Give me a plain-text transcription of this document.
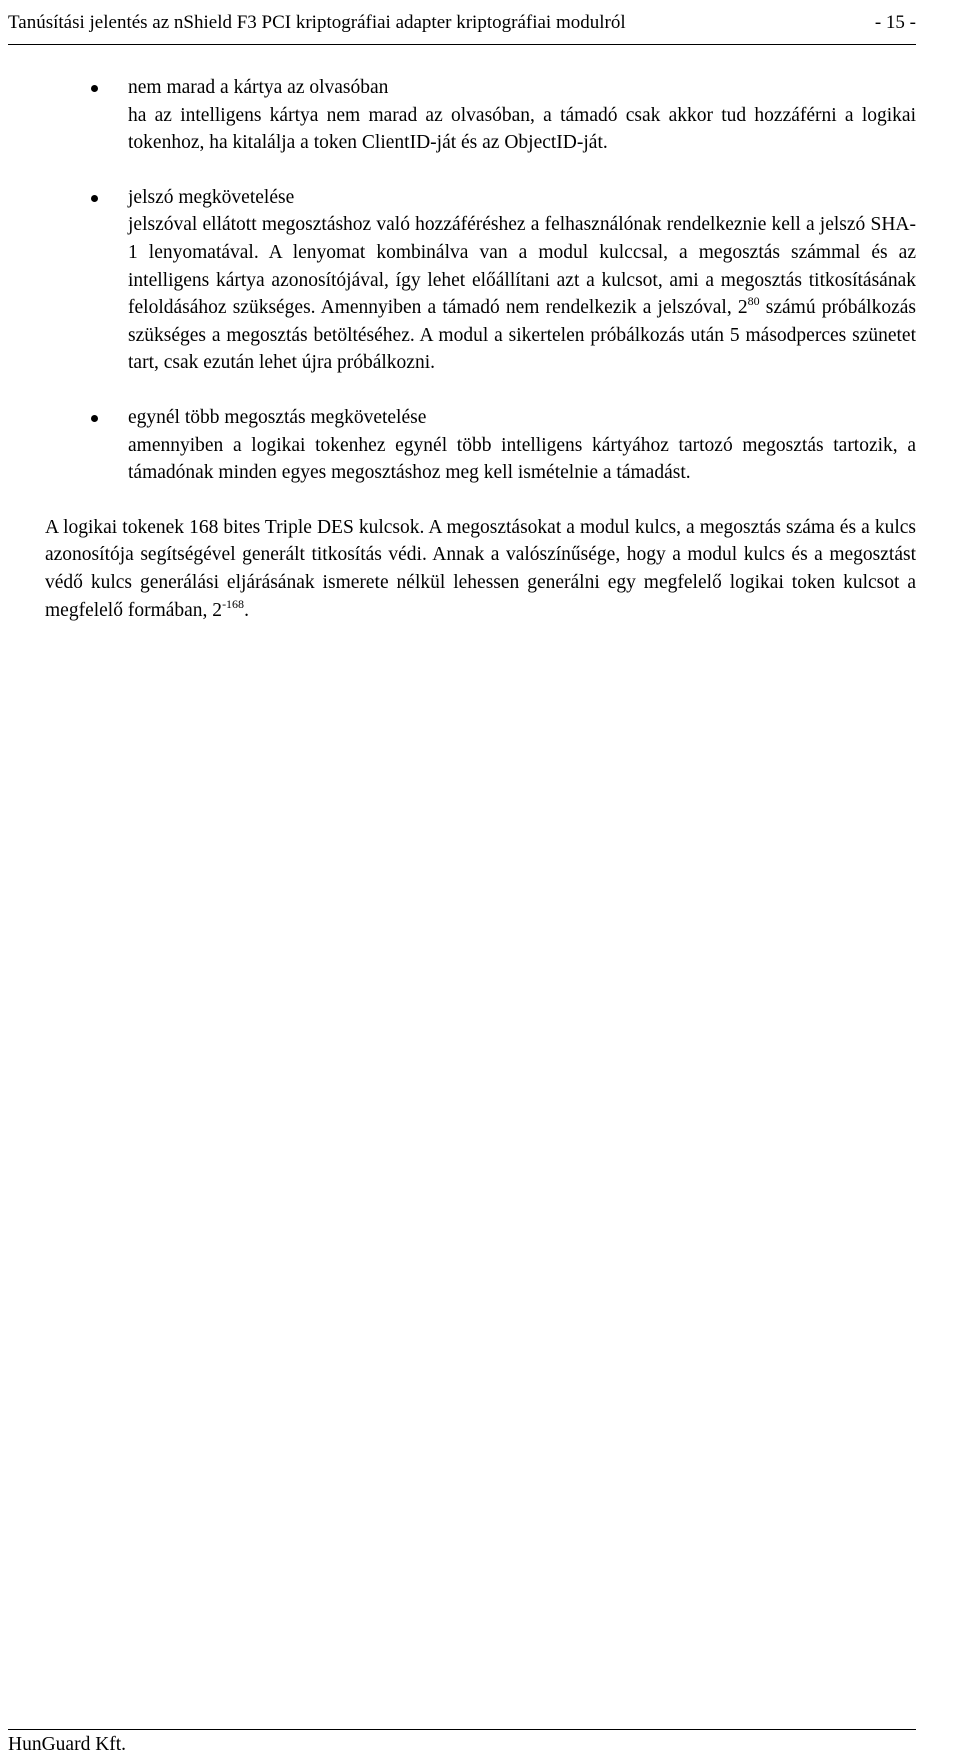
Tanúsítási jelentés az nShield F3 PCI kriptográfiai adapter kriptográfiai modulról	- 15 -
nem marad a kártya az olvasóban
ha az intelligens kártya nem marad az olvasóban, a támadó csak akkor tud hozzáférni a logikai tokenhoz, ha kitalálja a token ClientID-ját és az ObjectID-ját.
jelszó megkövetelése
jelszóval ellátott megosztáshoz való hozzáféréshez a felhasználónak rendelkeznie kell a jelszó SHA-1 lenyomatával. A lenyomat kombinálva van a modul kulccsal, a megosztás számmal és az intelligens kártya azonosítójával, így lehet előállítani azt a kulcsot, ami a megosztás titkosításának feloldásához szükséges. Amennyiben a támadó nem rendelkezik a jelszóval, $2^{80}$ számú próbálkozás szükséges a megosztás betöltéséhez. A modul a sikertelen próbálkozás után 5 másodperces szünetet tart, csak ezután lehet újra próbálkozni.
egynél több megosztás megkövetelése
amennyiben a logikai tokenhez egynél több intelligens kártyához tartozó megosztás tartozik, a támadónak minden egyes megosztáshoz meg kell ismételnie a támadást.

A logikai tokenek 168 bites Triple DES kulcsok. A megosztásokat a modul kulcs, a megosztás száma és a kulcs azonosítója segítségével generált titkosítás védi. Annak a valószínűsége, hogy a modul kulcs és a megosztást védő kulcs generálási eljárásának ismerete nélkül lehessen generálni egy megfelelő logikai token kulcsot a megfelelő formában, $2^{-168}$.

HunGuard Kft.
